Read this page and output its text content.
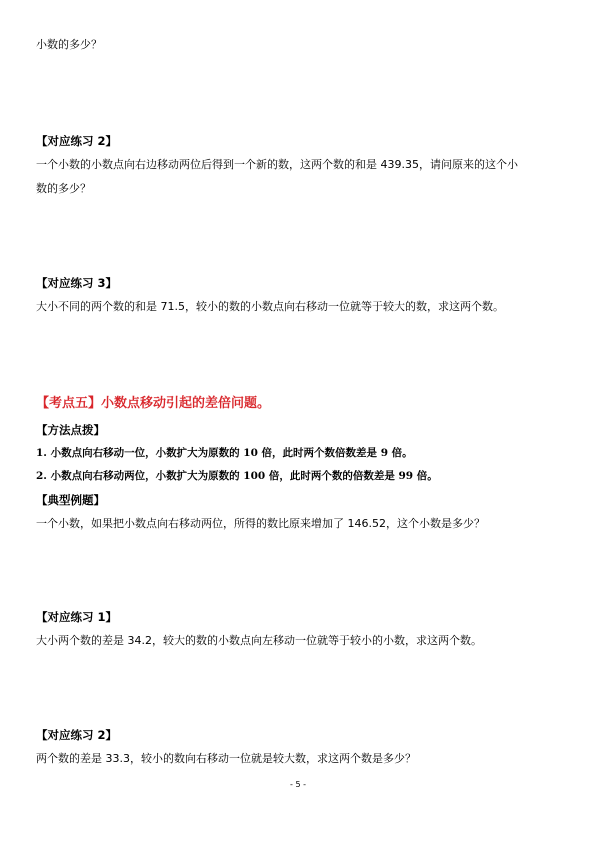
小数的多少？
【对应练习 2】
一个小数的小数点向右边移动两位后得到一个新的数，这两个数的和是 439.35，请问原来的这个小
数的多少？
【对应练习 3】
大小不同的两个数的和是 71.5，较小的数的小数点向右移动一位就等于较大的数，求这两个数。
【考点五】小数点移动引起的差倍问题。
【方法点拨】
1. 小数点向右移动一位，小数扩大为原数的 10 倍，此时两个数倍数差是 9 倍。
2. 小数点向右移动两位，小数扩大为原数的 100 倍，此时两个数的倍数差是 99 倍。
【典型例题】
一个小数，如果把小数点向右移动两位，所得的数比原来增加了 146.52，这个小数是多少？
【对应练习 1】
大小两个数的差是 34.2，较大的数的小数点向左移动一位就等于较小的小数，求这两个数。
【对应练习 2】
两个数的差是 33.3，较小的数向右移动一位就是较大数，求这两个数是多少？
- 5 -
